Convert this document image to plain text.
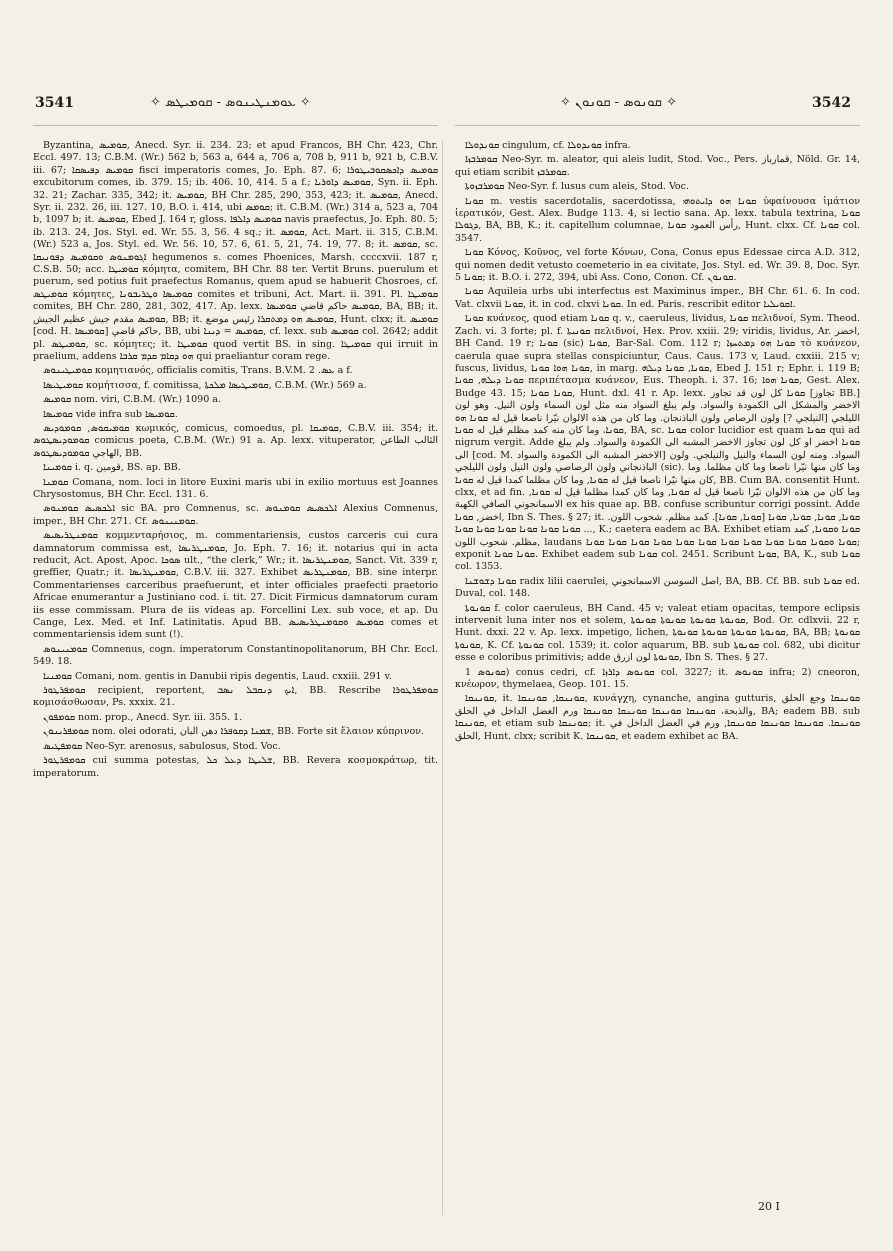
3541	✧ ܥܘܡܢܛܝܢܘܣ - ܩܘܡܝܛܣ ✧	✧ ܩܘܢܘܣ - ܩܘܢܘܢ ✧	3542

Byzantina, ܩܘܡܝܣ, Anecd. Syr. ii. 234. 23; et apud Francos, BH Chr. 423, Chr. Eccl. 497. 13; C.B.M. (Wr.) 562 b, 563 a, 644 a, 706 a, 708 b, 911 b, 921 b, C.B.V. iii. 67; ܩܘܡܝܣ ܕܦܝܣܩܐ fisci imperatoris comes, Jo. Eph. 87. 6; ܩܘܡܝܣ ܕܐܟܣܩܘܒܝܛܘܪܐ excubitorum comes, ib. 379. 15; ib. 406. 10, 414. 5 a f.; ܩܘܡܝܣ ܕܐܘܪܝܐ, Syn. ii. Eph. 32. 21; Zachar. 335, 342; it. ܩܘܡܝܣ, BH Chr. 285, 290, 353, 423; it. ܩܘܡܝܣ, Anecd. Syr. ii. 232. 26, iii. 127. 10, B.O. i. 414, ubi ܩܘܡܣ; it. C.B.M. (Wr.) 314 a, 523 a, 704 b, 1097 b; it. ܩܘܡܝܣ, Ebed J. 164 r, gloss. ܩܘܡܝܣ ܕܐܠܦܐ navis praefectus, Jo. Eph. 80. 5; ib. 213. 24, Jos. Styl. ed. Wr. 55. 3, 56. 4 sq.; it. ܩܘܡܣ, Act. Mart. ii. 315, C.B.M. (Wr.) 523 a, Jos. Styl. ed. Wr. 56. 10, 57. 6, 61. 5, 21, 74. 19, 77. 8; it. ܩܘܡܣ, sc. ܐܓܘܡܢܘܣ ܘܩܘܡܝܣ ܕܦܘܢܝܩܐ hegumenos s. comes Phoenices, Marsh. ccccxvii. 187 r, C.S.B. 50; acc. ܩܘܡܝܛܐ κόμητα, comitem, BH Chr. 88 ter. Vertit Bruns. puerulum et puerum, sed potius fuit praefectus Romanus, quem apud se habuerit Chosroes, cf. ܩܘܡܝܛܣ κόμητες, ܩܘܡܝܣܐ ܘܛܪܝܒܘܢܐ comites et tribuni, Act. Mart. ii. 391. Pl. ܩܘܡܝܛܐ comites, BH Chr. 280, 281, 302, 417. Ap. lexx. ܩܘܡܝܣ حاكم قاضي ܩܘܡܝܣܐ, BA, BB; it. ܩܘܡܝܣ مقدم جيش عظيم الجيش, BB; it. ܩܘܡܝܣ ܗܘ ܕܡܬܩܪܐ رئيس موضع, Hunt. clxx; it. ܩܘܡܝܣ [cod. H. ܩܘܡܝܣܐ] حاكم قاضي, BB, ubi ܩܘܡܝܣ = ܕܝܢܐ, cf. lexx. sub ܩܘܡܝܣ col. 2642; addit pl. ܩܘܡܝܛܣ, sc. κόμητες; it. ܩܘܡܝܛܐ quod vertit BS. in sing. ܩܘܡܝܛܐ qui irruit in praelium, addens ܗܘ ܕܩܐܡ ܩܕܡ ܩܪܒܐ qui praeliantur coram rege.

ܩܘܡܝܛܝܢܘܣ κομητιανός, officialis comitis, Trans. B.V.M. ܥܣ. 2 a f.

ܩܘܡܝܛܝܣܐ κομήτισσα, f. comitissa, ܩܘܡܝܛܝܣܐ ܡܠܟܬܐ, C.B.M. (Wr.) 569 a.

ܩܘܡܝܣ nom. viri, C.B.M. (Wr.) 1090 a.

ܩܘܡܝܣܐ vide infra sub ܩܘܡܝܣܐ.

ܩܘܡܝܩܘܣ, ܩܘܡܘܕܝܣ κωμικός, comicus, comoedus, pl. ܩܘܡܝܩܐ, C.B.V. iii. 354; it. ܩܘܡܘܕܝܣܛܘܣ comicus poeta, C.B.M. (Wr.) 91 a. Ap. lexx. vituperator, الثالب الطاعن الهاجي ܩܘܡܘܕܝܣܛܘܣ, BB.

ܩܘܡܝܢܐ i. q. قومين, BS. ap. BB.

ܩܘܡܢܐ Comana, nom. loci in litore Euxini maris ubi in exilio mortuus est Joannes Chrysostomus, BH Chr. Eccl. 131. 6.

ܐܠܟܣܝܣ ܩܘܡܢܘܣ sic BA. pro Comnenus, sc. ܐܠܟܣܝܣ ܩܘܡܢܘܣ Alexius Comnenus, imper., BH Chr. 271. Cf. ܩܘܡܢܝܢܘܣ.

ܩܘܡܢܛܪܝܣܝܣ κομμενταρήσιος, m. commentariensis, custos carceris cui cura damnatorum commissa est, ܩܘܡܢܛܪܝܣܐ, Jo. Eph. 7. 16; it. notarius qui in acta reducit, Act. Apost. Apoc. ܣܘܟܐ ult., “the clerk,” Wr.; it. ܩܘܡܢܛܪܝܣܐ, Sanct. Vit. 339 r, greffier, Quatr.; it. ܩܘܡܢܛܪܝܣܐ, C.B.V. iii. 327. Exhibet ܩܘܡܢܛܪܝܣ, BB. sine interpr. Commentarienses carceribus praefuerunt, et inter officiales praefecti praetorio Africae enumerantur a Justiniano cod. i. tit. 27. Dicit Firmicus damnatorum curam iis esse commissam. Plura de iis videas ap. Forcellini Lex. sub voce, et ap. Du Cange, Lex. Med. et Inf. Latinitatis. Apud BB. ܩܘܡܝܣ ܘܩܘܡܢܛܪܝܣܝܣ comes et commentariensis idem sunt (!).

ܩܘܡܢܝܢܘܣ Comnenus, cogn. imperatorum Constantinopolitanorum, BH Chr. Eccl. 549. 18.

ܩܘܡܢܝܐ Comani, nom. gentis in Danubii ripis degentis, Laud. cxxiii. 291 v.

ܩܘܡܦܪܛܘܪ recipient, reportent, ܐܝܟ ܕܢܩܒܠ ܢܣܒ, BB. Rescribe ܩܘܡܦܪܛܘܪܐ κομισάσθωσαν, Ps. xxxix. 21.

ܩܘܡܦܘܢ nom. prop., Anecd. Syr. iii. 355. 1.

ܩܘܡܦܪܝܢܘܢ nom. olei odorati, ܫܡܢܐ ܕܩܘܦܪܐ دهن البان, BB. Forte sit ἔλαιον κύπρινον.

ܩܘܡܦܛܝܣ Neo-Syr. arenosus, sabulosus, Stod. Voc.

ܩܘܡܦܪܛܘܪ cui summa potestas, ܫܠܝܛܐ ܕܥܠ ܟܠ, BB. Revera κοσμοκράτωρ, tit. imperatorum.

ܩܘܢܕܘܠܐ cingulum, cf. ܩܘܢܕܘܠܐ infra.

ܩܘܡܪܒܙܐ Neo-Syr. m. aleator, qui aleis ludit, Stod. Voc., Pers. قمارباز, Nöld. Gr. 14, qui etiam scribit ܩܘܡܪܒܙ.

ܩܘܡܪܒܙܘܬܐ Neo-Syr. f. lusus cum aleis, Stod. Voc.

ܩܘܢܐ m. vestis sacerdotalis, sacerdotissa, ܩܘܢܐ ܗܘ ܕܐܝܬܘܗܝ ὑφαίνουσα ἱμάτιον ἱερατικόν, Gest. Alex. Budge 113. 4, si lectio sana. Ap. lexx. tabula textrina, ܩܘܢܐ ܕܓܘܠܐ, BA, BB, K.; it. capitellum columnae, رأس العمود ܩܘܢܐ, Hunt. clxx. Cf. ܩܘܢܐ col. 3547.

ܩܘܢܐ Κόνος, Κοῦνος, vel forte Κόνων, Cona, Conus epus Edessae circa A.D. 312, qui nomen dedit vetusto coemeterio in ea civitate, Jos. Styl. ed. Wr. 39. 8, Doc. Syr. ܩܘܢܐ 5; it. B.O. i. 272, 394, ubi Ass. Cono, Conon. Cf. ܩܘܢܘܢ.

ܩܘܢܐ Aquileia urbs ubi interfectus est Maximinus imper., BH Chr. 61. 6. In cod. Vat. clxvii ܩܘܢܐ, it. in cod. clxvi ܩܘܢܐ. In ed. Paris. rescribit editor ܐܩܘܝܠܝܐ.

ܩܘܢܐ κυάνεος, quod etiam ܩܘܢܐ q. v., caeruleus, lividus, ܩܘܢܐ πελιδνοί, Sym. Theod. Zach. vi. 3 forte; pl. f. ܩܘܢܝܬܐ πελιδνοί, Hex. Prov. xxiii. 29; viridis, lividus, Ar. اخضر, BH Cand. 19 r; ܩܘܢܐ (sic) ܩܘܢܐ, Bar-Sal. Com. 112 r; ܩܘܢܐ ܗܘ ܕܡܬܚܙܐ τὸ κυάνεον, caerula quae supra stellas conspiciuntur, Caus. Caus. 173 v, Laud. cxxiii. 215 v; fuscus, lividus, ܩܘܢܐ ܗܘܐ ܩܘܢܐ, in marg. ܩܘܢܐ, ܩܘܢܐ ܕܝܠܗ, Ebed J. 151 r; Ephr. i. 119 B; ܩܘܢܐ ܕܝܠܗ, ܩܘܢܐ περιπέτασμα κυάνεον, Eus. Theoph. i. 37. 16; ܩܘܢܐ ܗܘܐ, Gest. Alex. Budge 43. 15; ܩܘܢܐ ܩܘܢܐ, Hunt. dxl. 41 r. Ap. lexx. ܩܘܢܐ كل لون قد تجاوز [تجاوز BB.] الاخضر والمشكل الى الكمودة والسواد. ولم يبلغ السواد منه مثل لون السماء ولون النيل. وهو لون الليلجي [النيلجي ?] ولون الرصاص ولون الباذنجان. وما كان من هذه الالوان نيّرا ناصعا قيل له ܩܘܢܐ ܗܘ ܩܘܢܐ، وما كان منه كمد مظلم قيل له ܩܘܢܐ, BA, sc. ܩܘܢܐ color lucidior est quam ܩܘܢܐ qui ad nigrum vergit. Adde ܩܘܢܐ اخضر او كل لون تجاوز الاخضر المشبه الى الكمودة والسواد. ولم يبلغ الى [cod. M. الاخضر المشبه الى الكمودة والسواد] السواد. ومنه لون السماء والنيل والنيلجي. ولون الباذنجاني ولون الرصاصي ولون النيل ولون الليلجي (sic). وما كان منها نيّرا ناصعا وما كان مظلما. وما كان منها نيّرا ناصعا قيل له ܩܘܢܐ, وما كان مظلما كمدا قيل له ܩܘܢܐ, BB. Cum BA. consentit Hunt. clxx, et ad fin. وما كان من هذه الالوان نيّرا ناصعا قيل له ܩܘܢܐ, وما كان كمدا مظلما قيل له ܩܘܢܐ, الاسمانجوني الصافي الكهبة ex his quae ap. BB. confuse scribuntur corrigi possint. Adde اخضر, ܩܘܢܐ, Ibn S. Thes. § 27; it. ܩܘܢܐ, ܩܘܢܐ, ܩܘܢܐ, ܩܘܢܐ [ܩܘܢܐ, ܩܘܢܐ]. كمد مظلم. شحوب اللون. ... ܩܘܢܐ ܩܘܢܐ ܩܘܢܐ ܩܘܢܐ ܩܘܢܐ ܩܘܢܐ, K.; caetera eadem ac BA. Exhibet etiam ܩܘܢܐ ܘܩܘܢܐ, كمد مظلم. شحوب اللون, laudans ܩܘܢܐ ܘܩܘܢܐ ܩܘܢܐ ܩܘܢܐ ܩܘܢܐ ܩܘܢܐ ܩܘܢܐ ܩܘܢܐ ܩܘܢܐ ܩܘܢܐ ܩܘܢܐ ܩܘܢܐ; exponit ܩܘܢܐ ܩܘܢܐ. Exhibet eadem sub ܩܘܢܐ col. 2451. Scribunt ܩܘܢܐ, BA, K., sub ܩܘܢܐ col. 1353.

ܩܘܢܐ ܕܫܘܫܢܐ radix lilii caerulei, اصل السوسن الاسمانجوني, BA, BB. Cf. BB. sub ܩܘܢܐ ed. Duval, col. 148.

ܩܘܢܘܬܐ f. color caeruleus, BH Cand. 45 v; valeat etiam opacitas, tempore eclipsis intervenit luna inter nos et solem, ܩܘܢܘܬܐ ܩܘܢܘܬܐ ܩܘܢܘܬܐ ܩܘܢܘܬܐ, Bod. Or. cdlxvii. 22 r, Hunt. dxxi. 22 v. Ap. lexx. impetigo, lichen, ܩܘܢܘܬܐ ܩܘܢܘܬܐ ܩܘܢܘܬܐ ܩܘܢܘܬܐ, BA, BB; ܩܘܢܘܬܐ ܩܘܢܘܬܐ, K. Cf. ܩܘܢܘܬܐ col. 1539; it. color aquarum, BB. sub ܩܘܢܘܬܐ col. 682, ubi dicitur esse e coloribus primitivis; adde ܩܘܢܘܬܐ لون ازرق, Ibn S. Thes. § 27.

ܩܘܢܘܣ 1) conus cedri, cf. ܩܘܢܘܣ ܕܐܪܙܐ col. 3227; it. ܩܘܢܘܣ infra; 2) cneoron, κνέωρον, thymelaea, Geop. 101. 15.

ܩܘܢܢܩܐ, it. ܩܘܢܢܩܐ, ܩܘܢܢܩܐ, κυνάγχη, cynanche, angina gutturis, ܩܘܢܢܩܐ وجع الحلق والذبحة، ܩܘܢܢܩܐ ܩܘܢܢܩܐ ܩܘܢܢܩܐ ܩܘܢܢܩܐ ورم العضل الداخل في الحلق, BA; eadem BB. sub ܩܘܢܢܩܐ, et etiam sub ܩܘܢܢܩܐ; it. ܩܘܢܢܩܐ. ܩܘܢܢܩܐ ܩܘܢܢܩܐ ܩܘܢܢܩܐ, ورم في العضل الداخل في الحلق, Hunt. clxx; scribit K. ܩܘܢܢܩܐ, et eadem exhibet ac BA.

20 I
